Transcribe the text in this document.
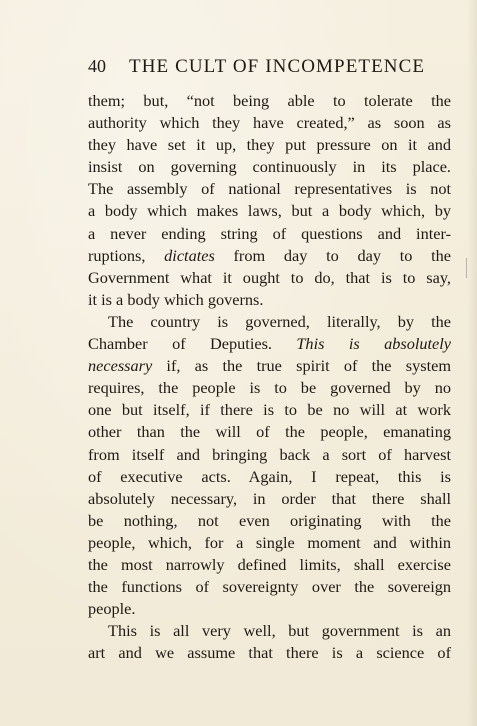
40	THE CULT OF INCOMPETENCE
them; but, “not being able to tolerate the
authority which they have created,” as soon as
they have set it up, they put pressure on it and
insist on governing continuously in its place.
The assembly of national representatives is not
a body which makes laws, but a body which, by
a never ending string of questions and inter-
ruptions, dictates from day to day to the
Government what it ought to do, that is to say,
it is a body which governs.
The country is governed, literally, by the
Chamber of Deputies. This is absolutely
necessary if, as the true spirit of the system
requires, the people is to be governed by no
one but itself, if there is to be no will at work
other than the will of the people, emanating
from itself and bringing back a sort of harvest
of executive acts. Again, I repeat, this is
absolutely necessary, in order that there shall
be nothing, not even originating with the
people, which, for a single moment and within
the most narrowly defined limits, shall exercise
the functions of sovereignty over the sovereign
people.
This is all very well, but government is an
art and we assume that there is a science of
